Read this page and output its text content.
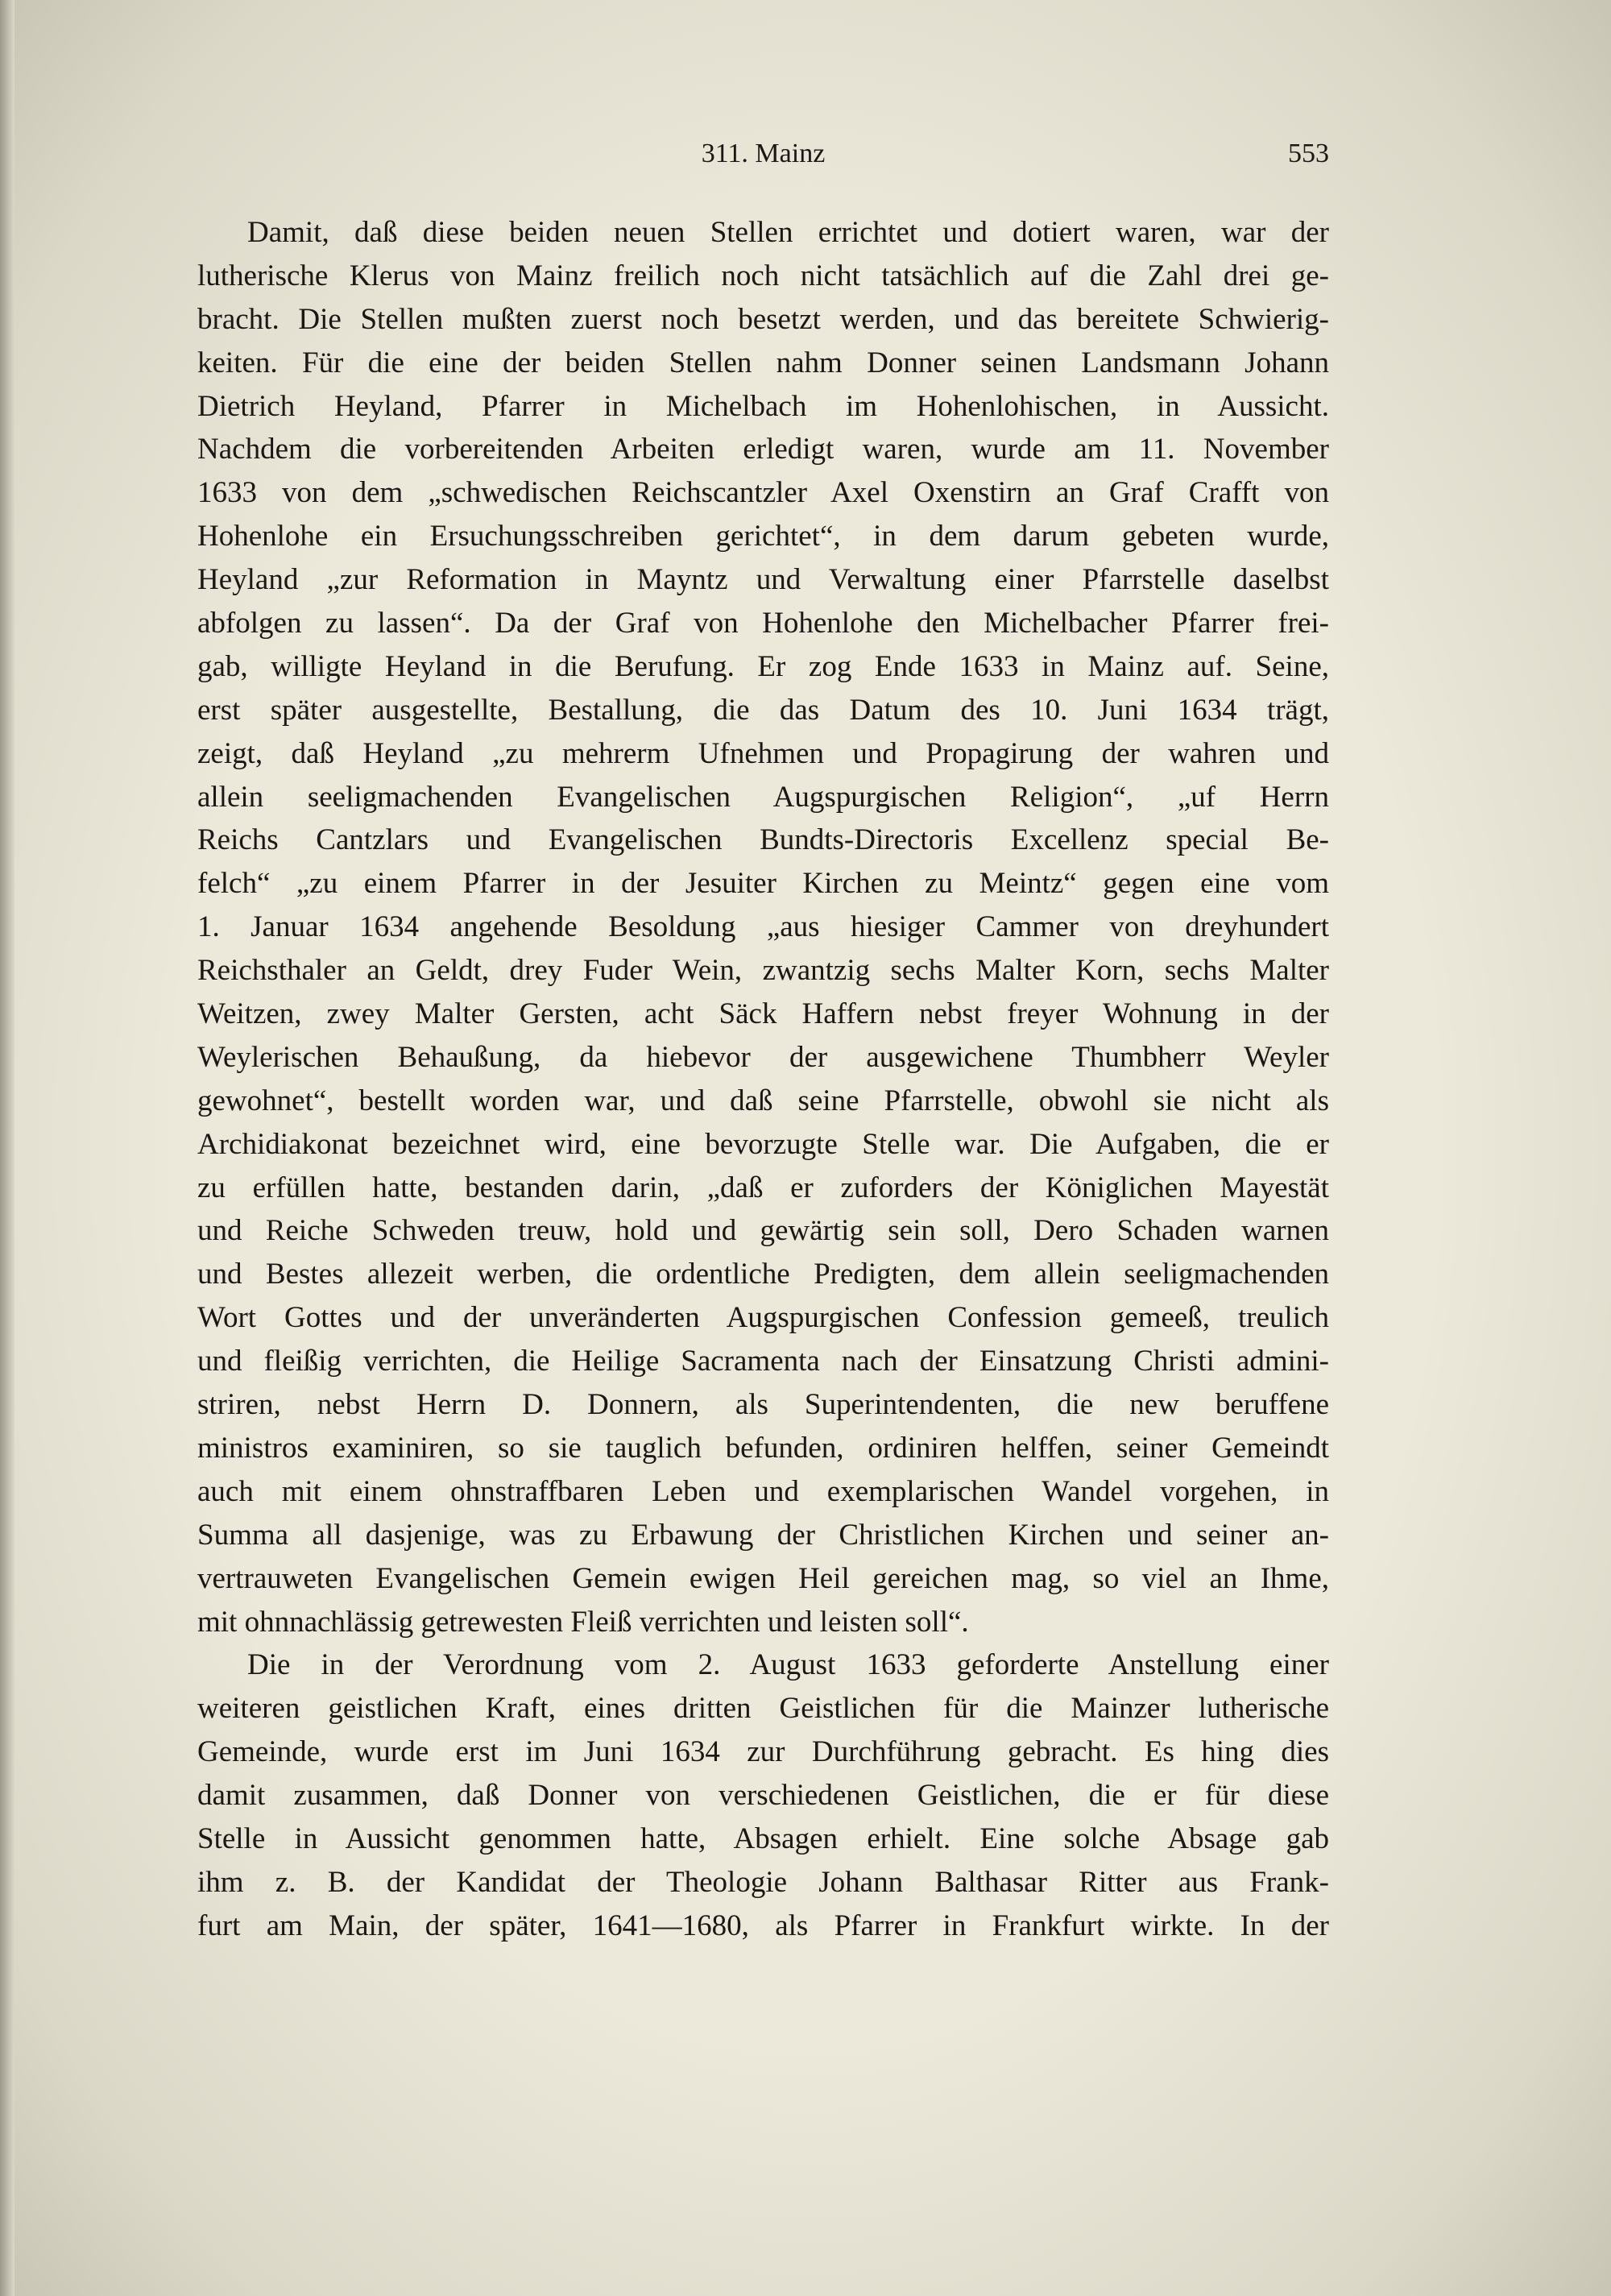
311. Mainz	553
Damit, daß diese beiden neuen Stellen errichtet und dotiert waren, war der
lutherische Klerus von Mainz freilich noch nicht tatsächlich auf die Zahl drei ge-
bracht. Die Stellen mußten zuerst noch besetzt werden, und das bereitete Schwierig-
keiten. Für die eine der beiden Stellen nahm Donner seinen Landsmann Johann
Dietrich Heyland, Pfarrer in Michelbach im Hohenlohischen, in Aussicht.
Nachdem die vorbereitenden Arbeiten erledigt waren, wurde am 11. November
1633 von dem „schwedischen Reichscantzler Axel Oxenstirn an Graf Crafft von
Hohenlohe ein Ersuchungsschreiben gerichtet“, in dem darum gebeten wurde,
Heyland „zur Reformation in Mayntz und Verwaltung einer Pfarrstelle daselbst
abfolgen zu lassen“. Da der Graf von Hohenlohe den Michelbacher Pfarrer frei-
gab, willigte Heyland in die Berufung. Er zog Ende 1633 in Mainz auf. Seine,
erst später ausgestellte, Bestallung, die das Datum des 10. Juni 1634 trägt,
zeigt, daß Heyland „zu mehrerm Ufnehmen und Propagirung der wahren und
allein seeligmachenden Evangelischen Augspurgischen Religion“, „uf Herrn
Reichs Cantzlars und Evangelischen Bundts-Directoris Excellenz special Be-
felch“ „zu einem Pfarrer in der Jesuiter Kirchen zu Meintz“ gegen eine vom
1. Januar 1634 angehende Besoldung „aus hiesiger Cammer von dreyhundert
Reichsthaler an Geldt, drey Fuder Wein, zwantzig sechs Malter Korn, sechs Malter
Weitzen, zwey Malter Gersten, acht Säck Haffern nebst freyer Wohnung in der
Weylerischen Behaußung, da hiebevor der ausgewichene Thumbherr Weyler
gewohnet“, bestellt worden war, und daß seine Pfarrstelle, obwohl sie nicht als
Archidiakonat bezeichnet wird, eine bevorzugte Stelle war. Die Aufgaben, die er
zu erfüllen hatte, bestanden darin, „daß er zuforders der Königlichen Mayestät
und Reiche Schweden treuw, hold und gewärtig sein soll, Dero Schaden warnen
und Bestes allezeit werben, die ordentliche Predigten, dem allein seeligmachenden
Wort Gottes und der unveränderten Augspurgischen Confession gemeeß, treulich
und fleißig verrichten, die Heilige Sacramenta nach der Einsatzung Christi admini-
striren, nebst Herrn D. Donnern, als Superintendenten, die new beruffene
ministros examiniren, so sie tauglich befunden, ordiniren helffen, seiner Gemeindt
auch mit einem ohnstraffbaren Leben und exemplarischen Wandel vorgehen, in
Summa all dasjenige, was zu Erbawung der Christlichen Kirchen und seiner an-
vertrauweten Evangelischen Gemein ewigen Heil gereichen mag, so viel an Ihme,
mit ohnnachlässig getrewesten Fleiß verrichten und leisten soll“.
Die in der Verordnung vom 2. August 1633 geforderte Anstellung einer
weiteren geistlichen Kraft, eines dritten Geistlichen für die Mainzer lutherische
Gemeinde, wurde erst im Juni 1634 zur Durchführung gebracht. Es hing dies
damit zusammen, daß Donner von verschiedenen Geistlichen, die er für diese
Stelle in Aussicht genommen hatte, Absagen erhielt. Eine solche Absage gab
ihm z. B. der Kandidat der Theologie Johann Balthasar Ritter aus Frank-
furt am Main, der später, 1641—1680, als Pfarrer in Frankfurt wirkte. In der
